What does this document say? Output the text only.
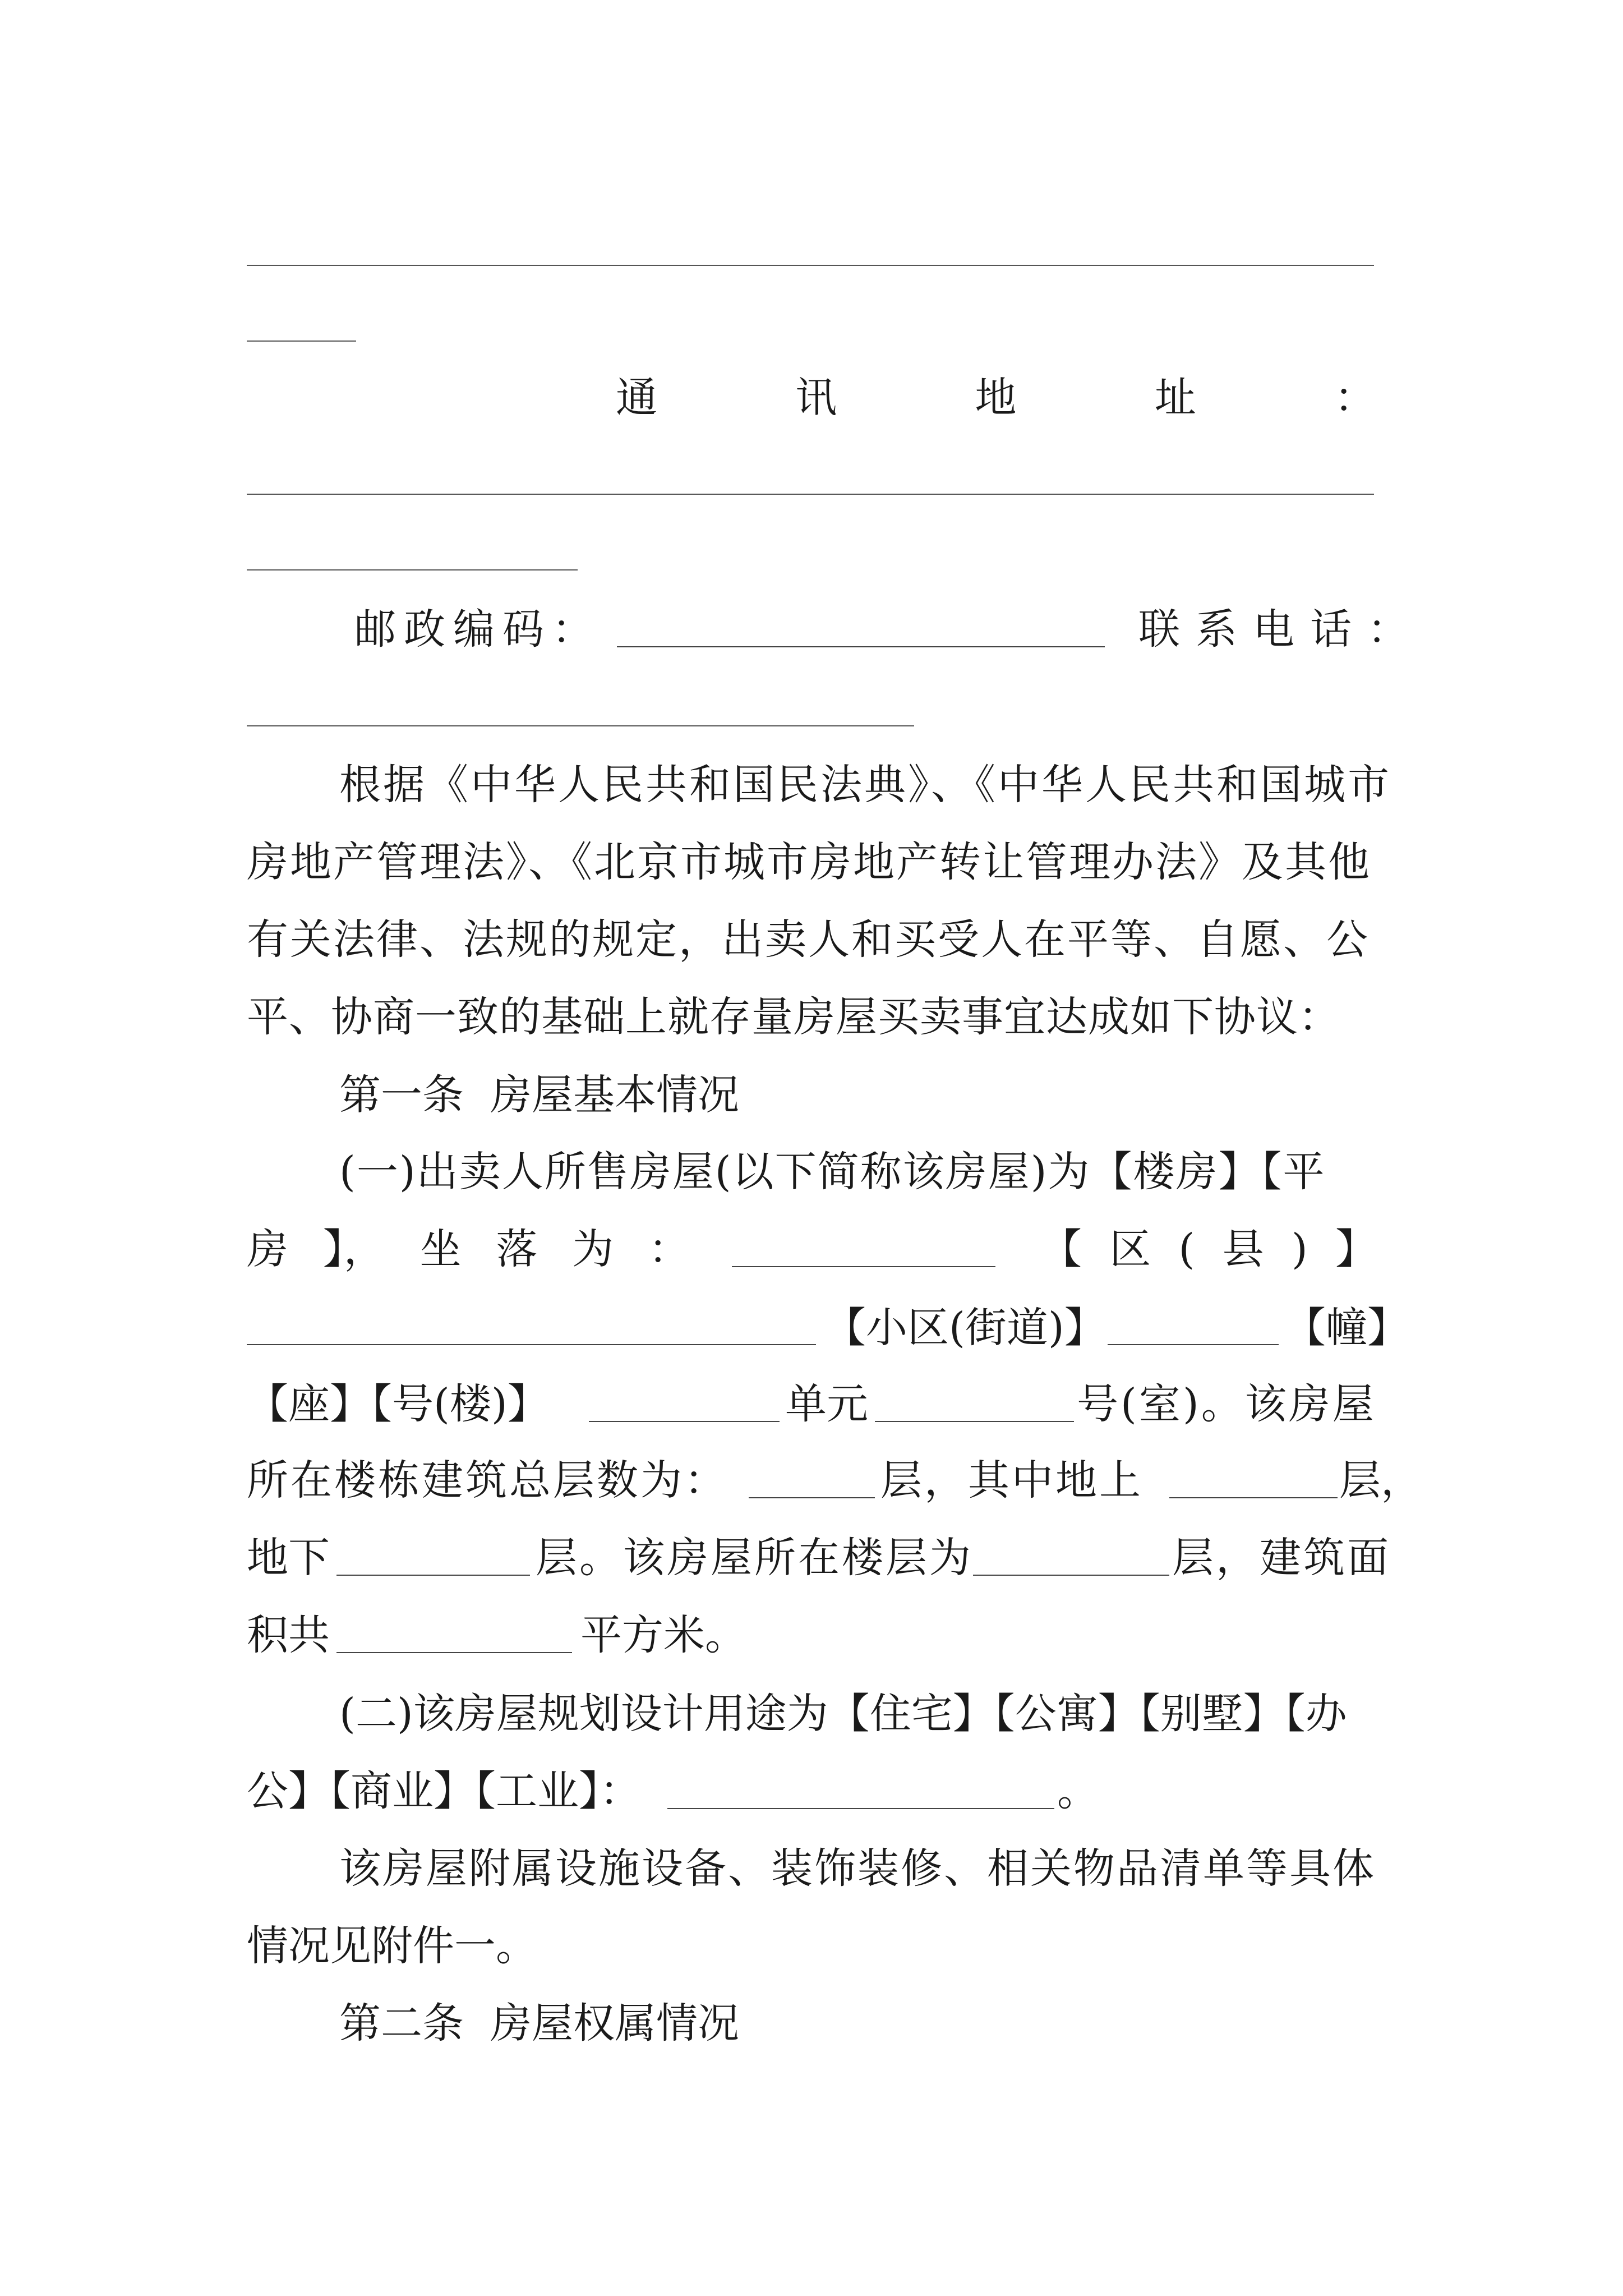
通	讯	地	址	：
邮政编码：	联系电话：
根据《中华人民共和国民法典》、《中华人民共和国城市
房地产管理法》、《北京市城市房地产转让管理办法》及其他
有关法律、法规的规定，出卖人和买受人在平等、自愿、公
平、协商一致的基础上就存量房屋买卖事宜达成如下协议：
第一条  房屋基本情况
(一)出卖人所售房屋(以下简称该房屋)为【楼房】【平
房 】， 坐 落 为 ：	【 区 ( 县 ) 】
【小区(街道)】	【幢】
【座】【号(楼)】	单元	号(室)。该房屋
所在楼栋建筑总层数为：	层，其中地上	层，
地下	层。该房屋所在楼层为	层，建筑面
积共	平方米。
(二)该房屋规划设计用途为【住宅】【公寓】【别墅】【办
公】【商业】【工业】：	。
该房屋附属设施设备、装饰装修、相关物品清单等具体
情况见附件一。
第二条  房屋权属情况
